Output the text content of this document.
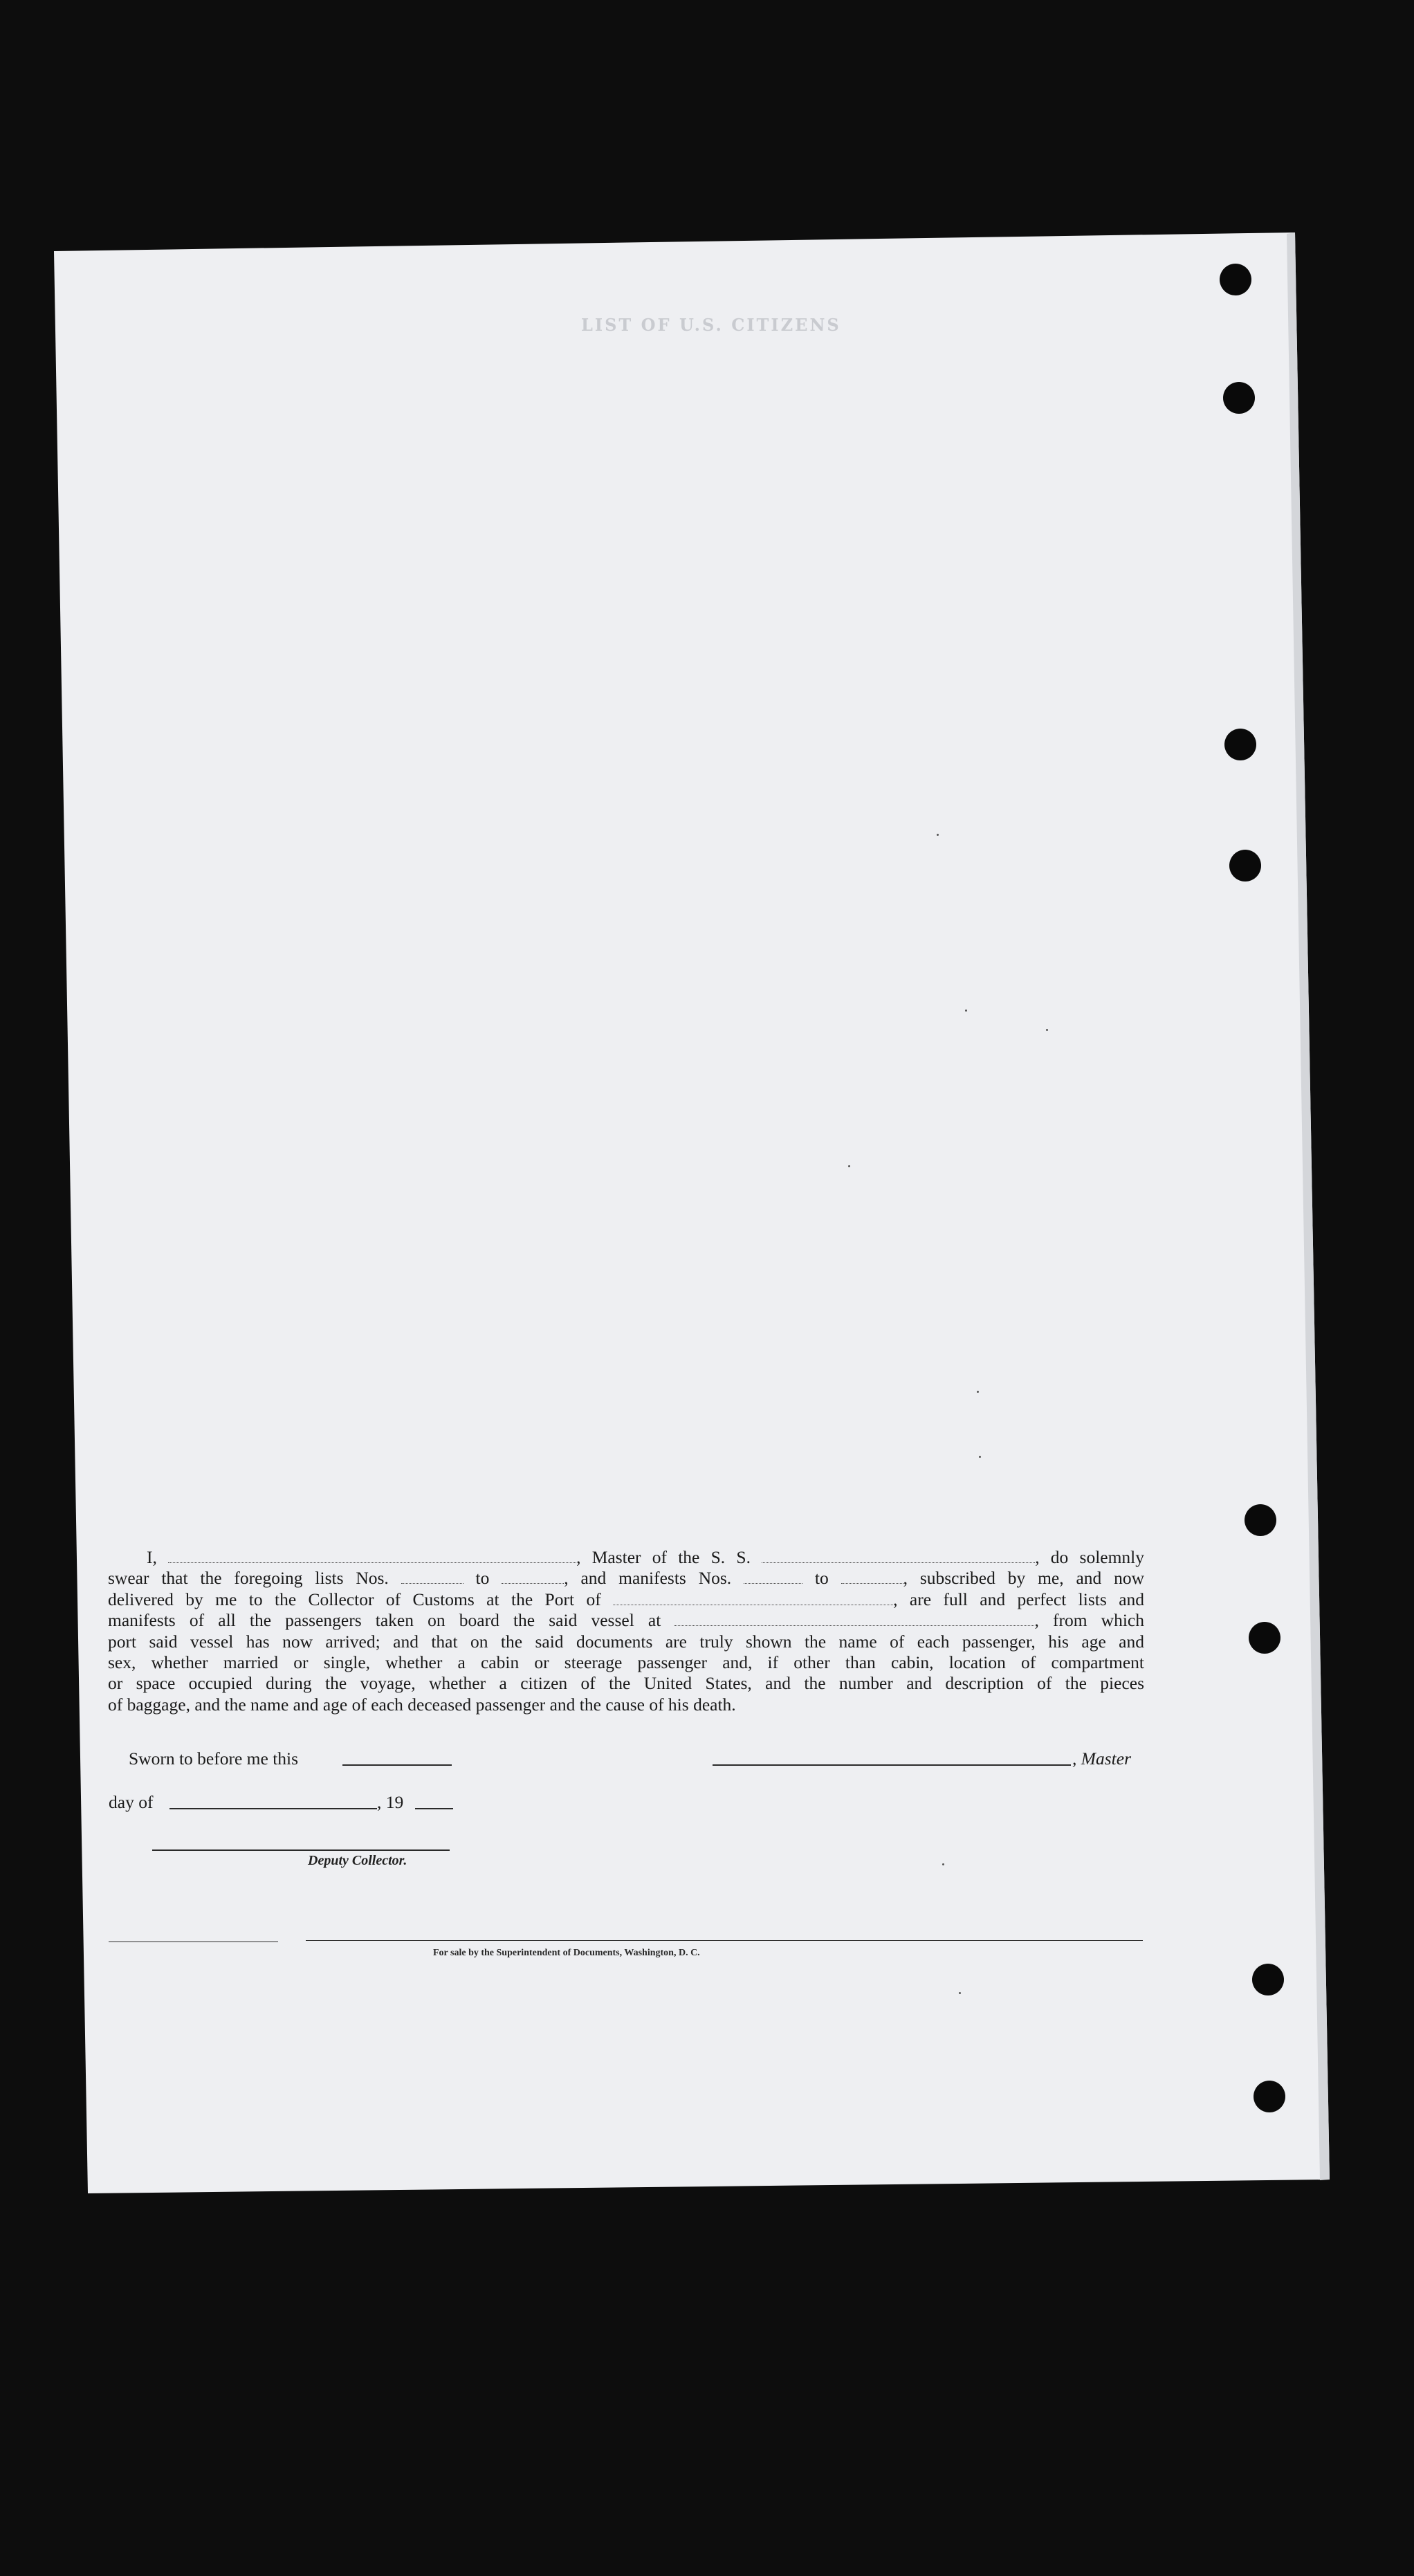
LIST OF U.S. CITIZENS
I,	, Master of the S. S.	, do solemnly
swear that the foregoing lists Nos.	to	, and manifests Nos.	to	, subscribed by me, and now
delivered by me to the Collector of Customs at the Port of	, are full and perfect lists and
manifests of all the passengers taken on board the said vessel at	, from which
port said vessel has now arrived; and that on the said documents are truly shown the name of each passenger, his age and
sex, whether married or single, whether a cabin or steerage passenger and, if other than cabin, location of compartment
or space occupied during the voyage, whether a citizen of the United States, and the number and description of the pieces
of baggage, and the name and age of each deceased passenger and the cause of his death.
Sworn to before me this	, Master
day of	, 19
Deputy Collector.
For sale by the Superintendent of Documents, Washington, D. C.
